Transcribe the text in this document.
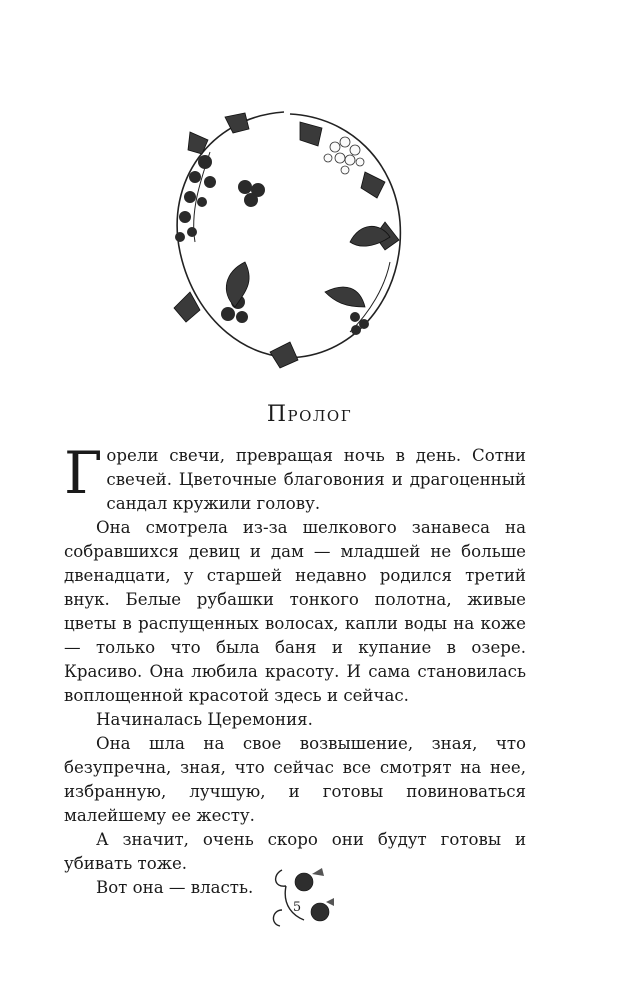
Пролог

Горели свечи, превращая ночь в день. Сотни свечей. Цветочные благовония и драгоценный сандал кружили голову.

Она смотрела из-за шелкового занавеса на собравшихся девиц и дам — младшей не больше двенадцати, у старшей недавно родился третий внук. Белые рубашки тонкого полотна, живые цветы в распущенных волосах, капли воды на коже — только что была баня и купание в озере. Красиво. Она любила красоту. И сама становилась воплощенной красотой здесь и сейчас.

Начиналась Церемония.

Она шла на свое возвышение, зная, что безупречна, зная, что сейчас все смотрят на нее, избранную, лучшую, и готовы повиноваться малейшему ее жесту.

А значит, очень скоро они будут готовы и убивать тоже.

Вот она — власть.

5
